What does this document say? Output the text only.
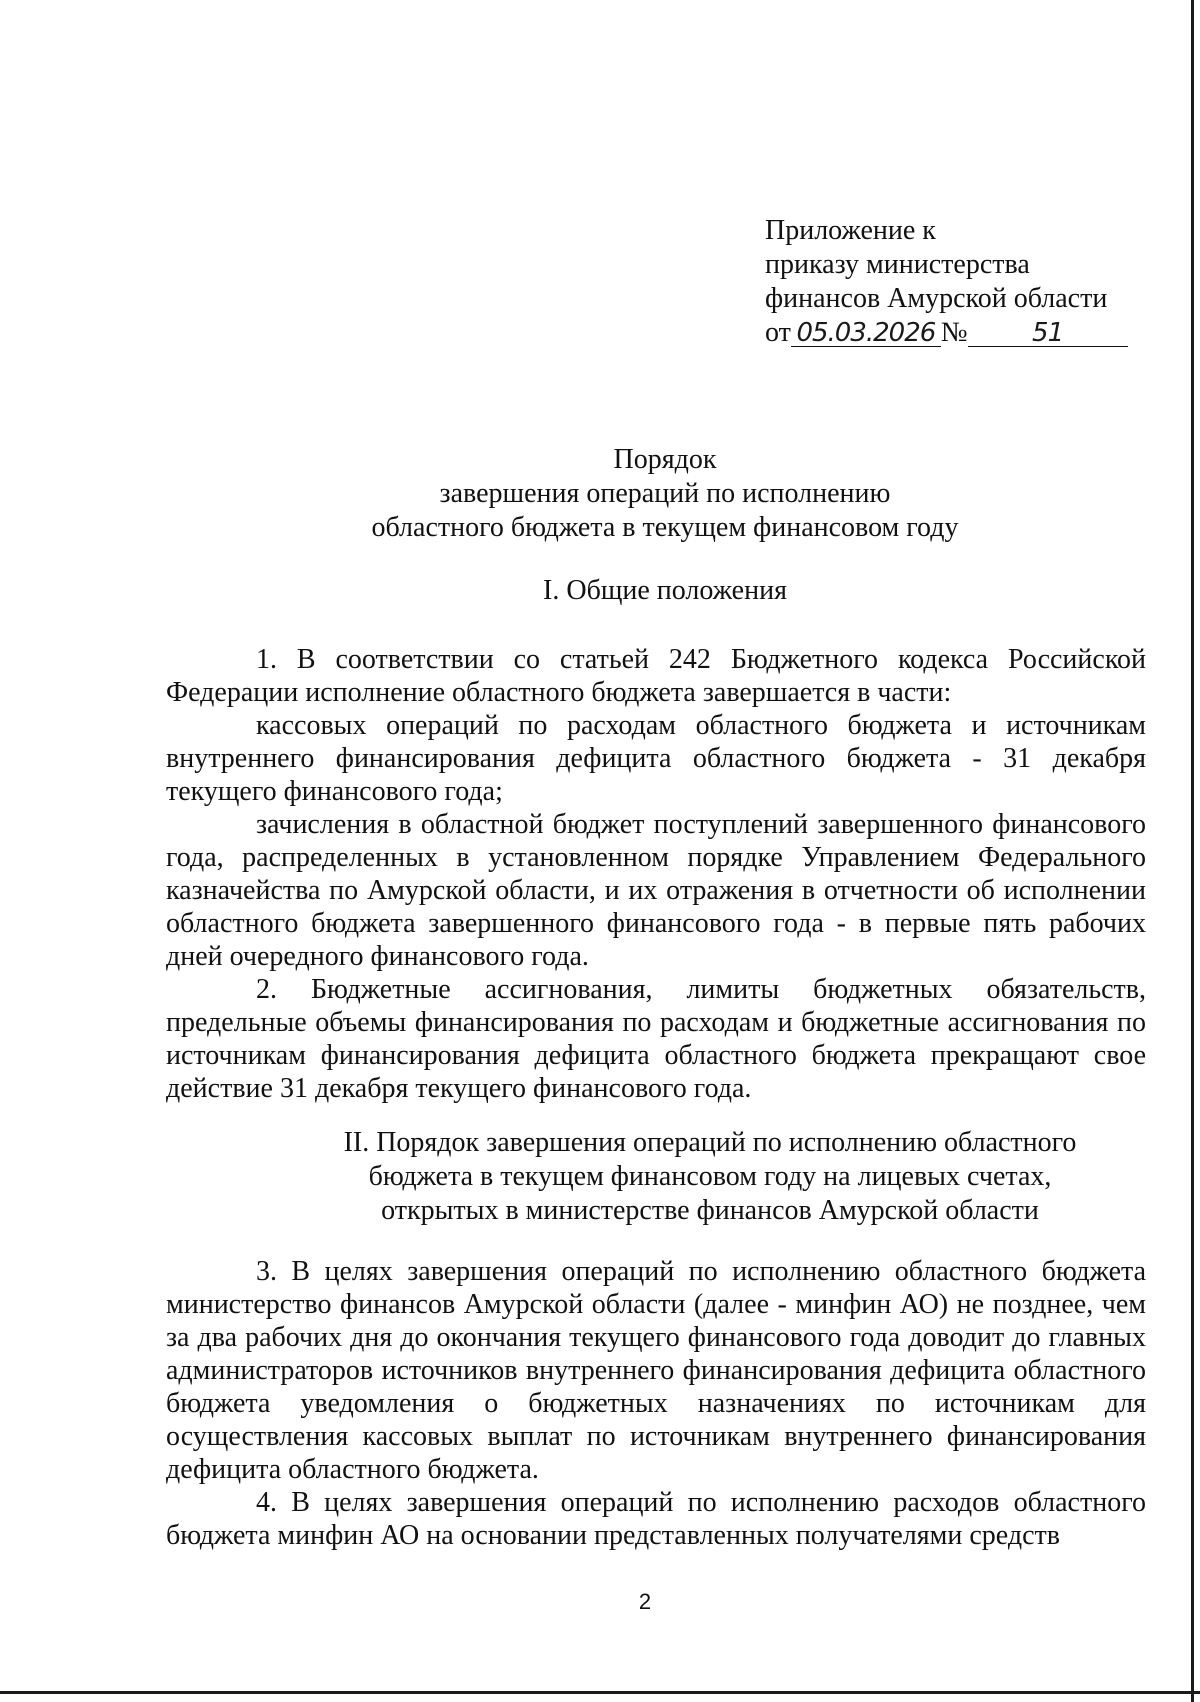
Приложение к
приказу министерства
финансов Амурской области
от 05.03.2026 № 51
Порядок
завершения операций по исполнению
областного бюджета в текущем финансовом году
I. Общие положения

1. В соответствии со статьей 242 Бюджетного кодекса Российской Федерации исполнение областного бюджета завершается в части:

кассовых операций по расходам областного бюджета и источникам внутреннего финансирования дефицита областного бюджета - 31 декабря текущего финансового года;

зачисления в областной бюджет поступлений завершенного финансового года, распределенных в установленном порядке Управлением Федерального казначейства по Амурской области, и их отражения в отчетности об исполнении областного бюджета завершенного финансового года - в первые пять рабочих дней очередного финансового года.

2. Бюджетные ассигнования, лимиты бюджетных обязательств, предельные объемы финансирования по расходам и бюджетные ассигнования по источникам финансирования дефицита областного бюджета прекращают свое действие 31 декабря текущего финансового года.

II. Порядок завершения операций по исполнению областного
бюджета в текущем финансовом году на лицевых счетах,
открытых в министерстве финансов Амурской области

3. В целях завершения операций по исполнению областного бюджета министерство финансов Амурской области (далее - минфин АО) не позднее, чем за два рабочих дня до окончания текущего финансового года доводит до главных администраторов источников внутреннего финансирования дефицита областного бюджета уведомления о бюджетных назначениях по источникам для осуществления кассовых выплат по источникам внутреннего финансирования дефицита областного бюджета.

4. В целях завершения операций по исполнению расходов областного бюджета минфин АО на основании представленных получателями средств

2
